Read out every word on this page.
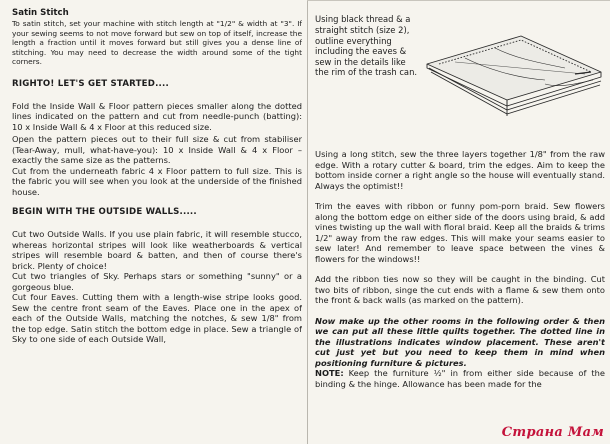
Satin Stitch

To satin stitch, set your machine with stitch length at "1/2" & width at "3". If your sewing seems to not move forward but sew on top of itself, increase the length a fraction until it moves forward but still gives you a dense line of stitching. You may need to decrease the width around some of the tight corners.

RIGHTO! LET'S GET STARTED....

Fold the Inside Wall & Floor pattern pieces smaller along the dotted lines indicated on the pattern and cut from needle-punch (batting): 10 x Inside Wall & 4 x Floor at this reduced size.

Open the pattern pieces out to their full size & cut from stabiliser (Tear-Away, mull, what-have-you): 10 x Inside Wall & 4 x Floor – exactly the same size as the patterns.

Cut from the underneath fabric 4 x Floor pattern to full size. This is the fabric you will see when you look at the underside of the finished house.

BEGIN WITH THE OUTSIDE WALLS.....

Cut two Outside Walls. If you use plain fabric, it will resemble stucco, whereas horizontal stripes will look like weatherboards & vertical stripes will resemble board & batten, and then of course there's brick. Plenty of choice!

Cut two triangles of Sky. Perhaps stars or something "sunny" or a gorgeous blue.

Cut four Eaves. Cutting them with a length-wise stripe looks good. Sew the centre front seam of the Eaves. Place one in the apex of each of the Outside Walls, matching the notches, & sew 1/8" from the top edge. Satin stitch the bottom edge in place. Sew a triangle of Sky to one side of each Outside Wall,

Using black thread & a straight stitch (size 2), outline everything including the eaves & sew in the details like the rim of the trash can.

Using a long stitch, sew the three layers together 1/8" from the raw edge. With a rotary cutter & board, trim the edges. Aim to keep the bottom inside corner a right angle so the house will eventually stand. Always the optimist!!

Trim the eaves with ribbon or funny pom-porn braid. Sew flowers along the bottom edge on either side of the doors using braid, & add vines twisting up the wall with floral braid. Keep all the braids & trims 1/2" away from the raw edges. This will make your seams easier to sew later! And remember to leave space between the vines & flowers for the windows!!

Add the ribbon ties now so they will be caught in the binding. Cut two bits of ribbon, singe the cut ends with a flame & sew them onto the front & back walls (as marked on the pattern).

Now make up the other rooms in the following order & then we can put all these little quilts together. The dotted line in the illustrations indicates window placement. These aren't cut just yet but you need to keep them in mind when positioning furniture & pictures.

NOTE: Keep the furniture ½" in from either side because of the binding & the hinge. Allowance has been made for the

Страна Мам
